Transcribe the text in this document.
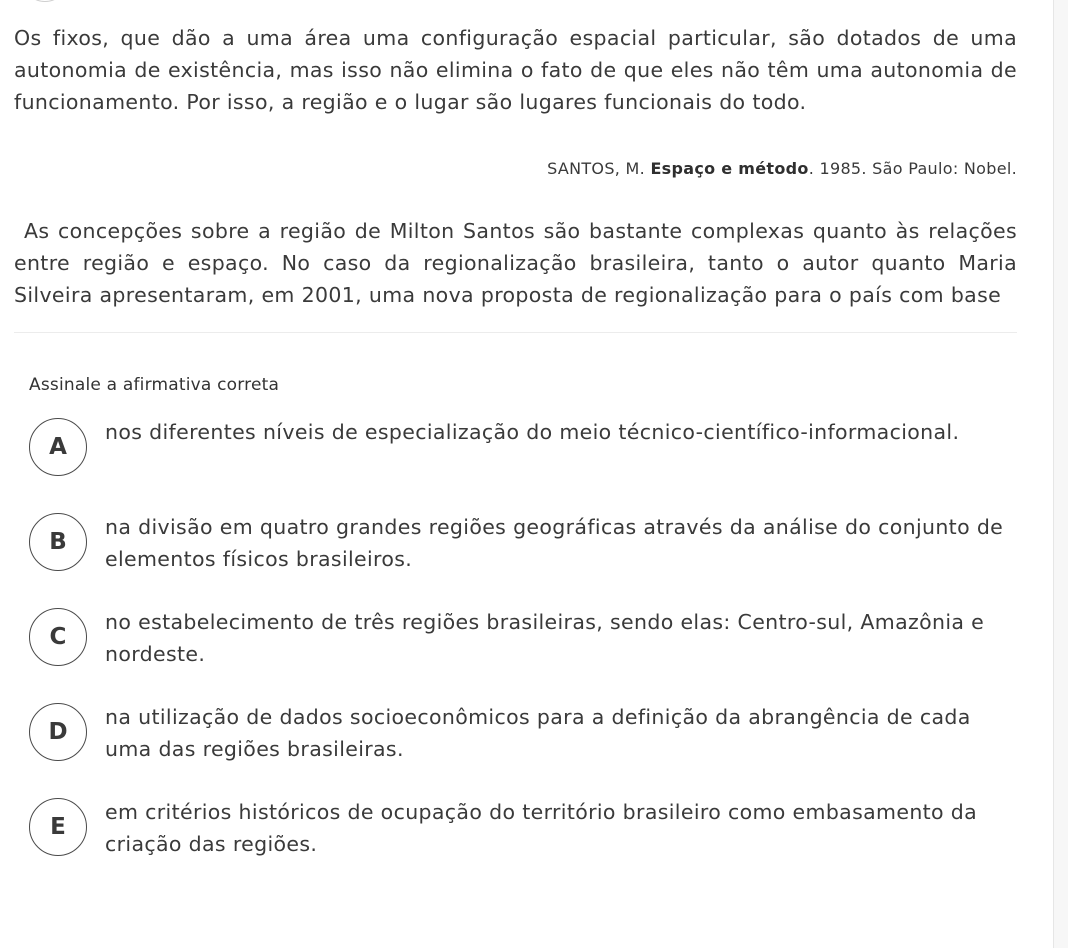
Os fixos, que dão a uma área uma configuração espacial particular, são dotados de uma autonomia de existência, mas isso não elimina o fato de que eles não têm uma autonomia de funcionamento. Por isso, a região e o lugar são lugares funcionais do todo.

SANTOS, M. Espaço e método. 1985. São Paulo: Nobel.

As concepções sobre a região de Milton Santos são bastante complexas quanto às relações entre região e espaço. No caso da regionalização brasileira, tanto o autor quanto Maria Silveira apresentaram, em 2001, uma nova proposta de regionalização para o país com base

Assinale a afirmativa correta
A
nos diferentes níveis de especialização do meio técnico-científico-informacional.
B
na divisão em quatro grandes regiões geográficas através da análise do conjunto de elementos físicos brasileiros.
C
no estabelecimento de três regiões brasileiras, sendo elas: Centro-sul, Amazônia e nordeste.
D
na utilização de dados socioeconômicos para a definição da abrangência de cada uma das regiões brasileiras.
E
em critérios históricos de ocupação do território brasileiro como embasamento da criação das regiões.
